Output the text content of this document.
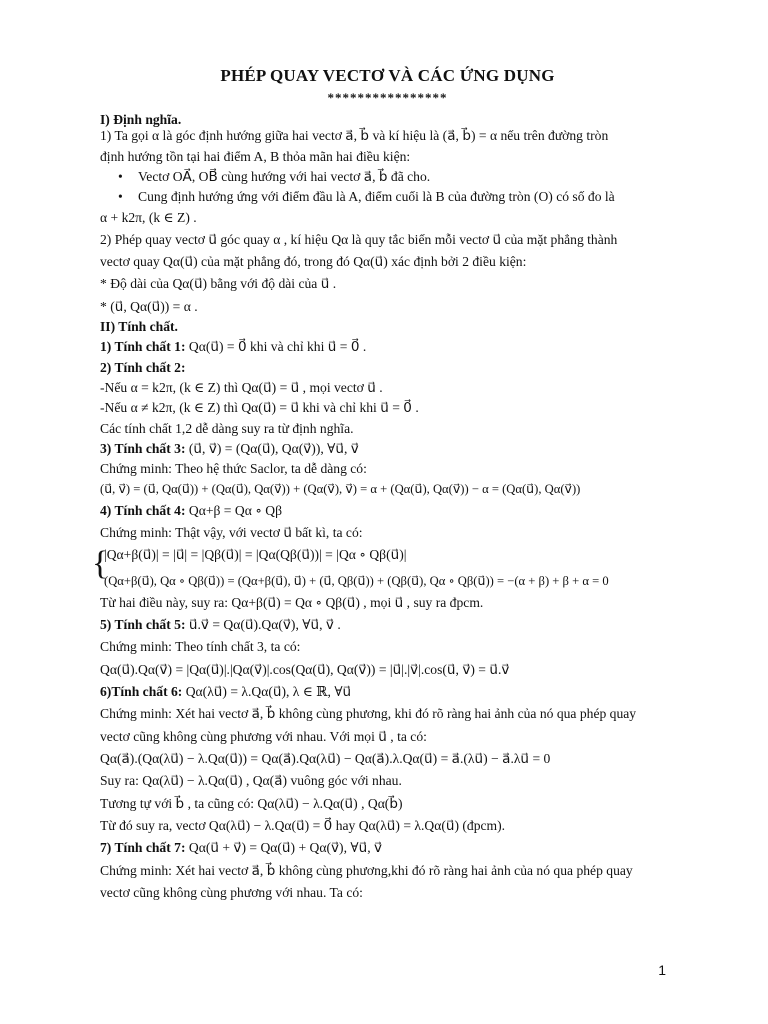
PHÉP QUAY VECTƠ VÀ CÁC ỨNG DỤNG
****************
I) Định nghĩa.
1) Ta gọi α là góc định hướng giữa hai vectơ a⃗, b⃗ và kí hiệu là (a⃗, b⃗) = α nếu trên đường tròn
định hướng tồn tại hai điểm A, B thỏa mãn hai điều kiện:
• Vectơ OA⃗, OB⃗ cùng hướng với hai vectơ a⃗, b⃗ đã cho.
• Cung định hướng ứng với điểm đầu là A, điểm cuối là B của đường tròn (O) có số đo là
α + k2π, (k ∈ Z) .
2) Phép quay vectơ u⃗ góc quay α , kí hiệu Qα là quy tắc biến mỗi vectơ u⃗ của mặt phẳng thành
vectơ quay Qα(u⃗) của mặt phẳng đó, trong đó Qα(u⃗) xác định bởi 2 điều kiện:
* Độ dài của Qα(u⃗) bằng với độ dài của u⃗ .
* (u⃗, Qα(u⃗)) = α .
II) Tính chất.
1) Tính chất 1: Qα(u⃗) = 0⃗ khi và chỉ khi u⃗ = 0⃗ .
2) Tính chất 2:
-Nếu α = k2π, (k ∈ Z) thì Qα(u⃗) = u⃗ , mọi vectơ u⃗ .
-Nếu α ≠ k2π, (k ∈ Z) thì Qα(u⃗) = u⃗ khi và chỉ khi u⃗ = 0⃗ .
Các tính chất 1,2 dễ dàng suy ra từ định nghĩa.
3) Tính chất 3: (u⃗, v⃗) = (Qα(u⃗), Qα(v⃗)), ∀u⃗, v⃗
Chứng minh: Theo hệ thức Saclor, ta dễ dàng có:
(u⃗, v⃗) = (u⃗, Qα(u⃗)) + (Qα(u⃗), Qα(v⃗)) + (Qα(v⃗), v⃗) = α + (Qα(u⃗), Qα(v⃗)) − α = (Qα(u⃗), Qα(v⃗))
4) Tính chất 4: Qα+β = Qα ∘ Qβ
Chứng minh: Thật vậy, với vectơ u⃗ bất kì, ta có:
{
|Qα+β(u⃗)| = |u⃗| = |Qβ(u⃗)| = |Qα(Qβ(u⃗))| = |Qα ∘ Qβ(u⃗)|
(Qα+β(u⃗), Qα ∘ Qβ(u⃗)) = (Qα+β(u⃗), u⃗) + (u⃗, Qβ(u⃗)) + (Qβ(u⃗), Qα ∘ Qβ(u⃗)) = −(α + β) + β + α = 0
Từ hai điều này, suy ra: Qα+β(u⃗) = Qα ∘ Qβ(u⃗) , mọi u⃗ , suy ra đpcm.
5) Tính chất 5: u⃗.v⃗ = Qα(u⃗).Qα(v⃗), ∀u⃗, v⃗ .
Chứng minh: Theo tính chất 3, ta có:
Qα(u⃗).Qα(v⃗) = |Qα(u⃗)|.|Qα(v⃗)|.cos(Qα(u⃗), Qα(v⃗)) = |u⃗|.|v⃗|.cos(u⃗, v⃗) = u⃗.v⃗
6)Tính chất 6: Qα(λu⃗) = λ.Qα(u⃗), λ ∈ ℝ, ∀u⃗
Chứng minh: Xét hai vectơ a⃗, b⃗ không cùng phương, khi đó rõ ràng hai ảnh của nó qua phép quay
vectơ cũng không cùng phương với nhau. Với mọi u⃗ , ta có:
Qα(a⃗).(Qα(λu⃗) − λ.Qα(u⃗)) = Qα(a⃗).Qα(λu⃗) − Qα(a⃗).λ.Qα(u⃗) = a⃗.(λu⃗) − a⃗.λu⃗ = 0
Suy ra: Qα(λu⃗) − λ.Qα(u⃗) , Qα(a⃗) vuông góc với nhau.
Tương tự với b⃗ , ta cũng có: Qα(λu⃗) − λ.Qα(u⃗) , Qα(b⃗)
Từ đó suy ra, vectơ Qα(λu⃗) − λ.Qα(u⃗) = 0⃗ hay Qα(λu⃗) = λ.Qα(u⃗) (đpcm).
7) Tính chất 7: Qα(u⃗ + v⃗) = Qα(u⃗) + Qα(v⃗), ∀u⃗, v⃗
Chứng minh: Xét hai vectơ a⃗, b⃗ không cùng phương,khi đó rõ ràng hai ảnh của nó qua phép quay
vectơ cũng không cùng phương với nhau. Ta có:
1
